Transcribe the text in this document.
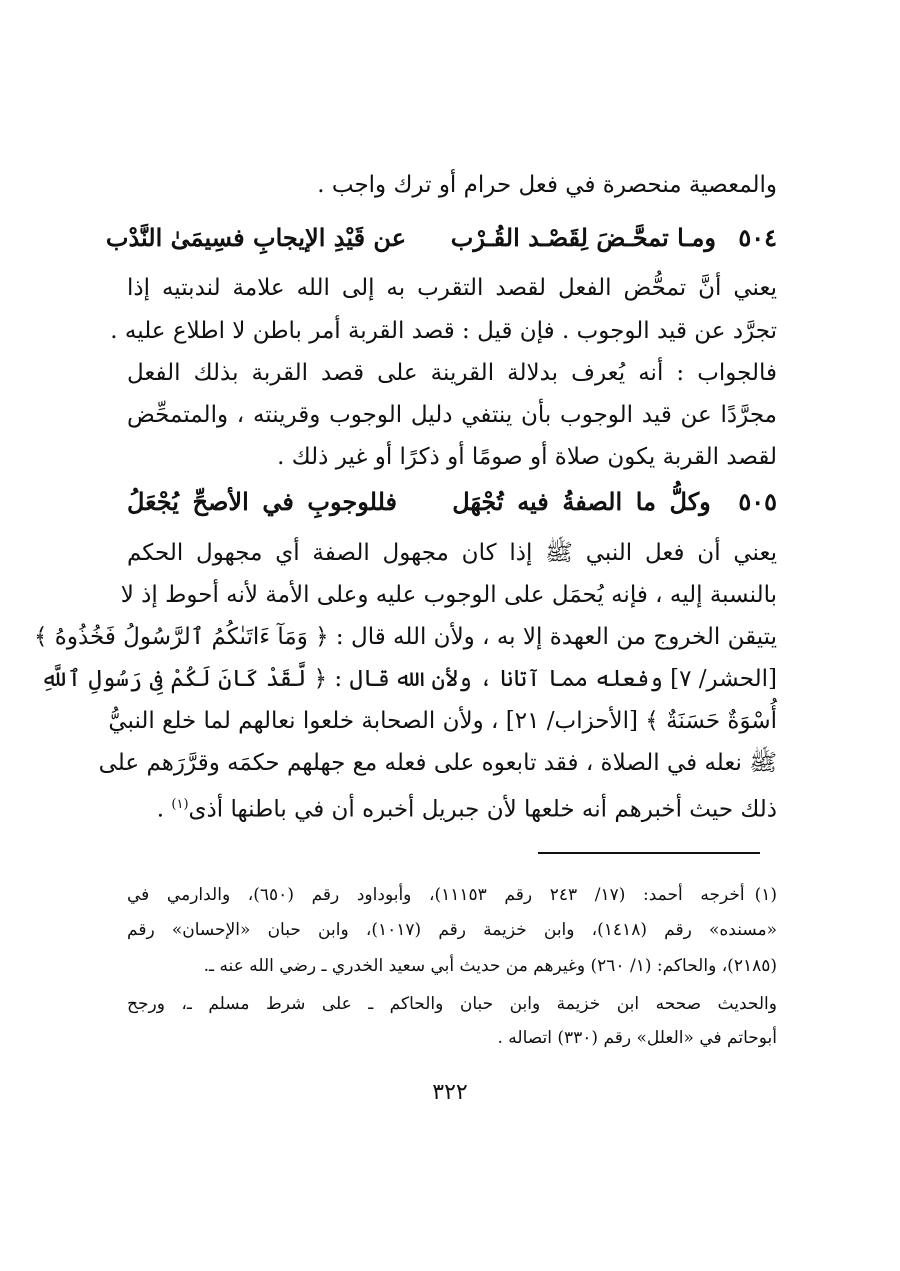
والمعصية منحصرة في فعل حرام أو ترك واجب .
٥٠٤ ومـا تمحَّـضَ لِقَصْـد القُـرْب  عن قَيْدِ الإيجابِ فسِيمَىٰ النَّدْب
يعني أنَّ تمحُّض الفعل لقصد التقرب به إلى الله علامة لندبتيه إذا
تجرَّد عن قيد الوجوب . فإن قيل : قصد القربة أمر باطن لا اطلاع عليه .
فالجواب : أنه يُعرف بدلالة القرينة على قصد القربة بذلك الفعل
مجرَّدًا عن قيد الوجوب بأن ينتفي دليل الوجوب وقرينته ، والمتمحِّض
لقصد القربة يكون صلاة أو صومًا أو ذكرًا أو غير ذلك .
٥٠٥ وكلُّ ما الصفةُ فيه تُجْهَل  فللوجوبِ في الأصحِّ يُجْعَلُ
يعني أن فعل النبي ﷺ إذا كان مجهول الصفة أي مجهول الحكم
بالنسبة إليه ، فإنه يُحمَل على الوجوب عليه وعلى الأمة لأنه أحوط إذ لا
يتيقن الخروج من العهدة إلا به ، ولأن الله قال : ﴿ وَمَآ ءَاتَىٰكُمُ ٱلرَّسُولُ فَخُذُوهُ ﴾
[الحشر/ ٧] وفعله مما آتانا ، ولأن الله قال : ﴿ لَّقَدْ كَانَ لَكُمْ فِى رَسُولِ ٱللَّهِ
أُسْوَةٌ حَسَنَةٌ ﴾ [الأحزاب/ ٢١] ، ولأن الصحابة خلعوا نعالهم لما خلع النبيُّ
ﷺ نعله في الصلاة ، فقد تابعوه على فعله مع جهلهم حكمَه وقرَّرَهم على
ذلك حيث أخبرهم أنه خلعها لأن جبريل أخبره أن في باطنها أذى$^{(١)}$ .
(١)أخرجه أحمد: (١٧/ ٢٤٣ رقم ١١١٥٣)، وأبوداود رقم (٦٥٠)، والدارمي في
«مسنده» رقم (١٤١٨)، وابن خزيمة رقم (١٠١٧)، وابن حبان «الإحسان» رقم
(٢١٨٥)، والحاكم: (١/ ٢٦٠) وغيرهم من حديث أبي سعيد الخدري ـ رضي الله عنه ـ.
والحديث صححه ابن خزيمة وابن حبان والحاكم ـ على شرط مسلم ـ، ورجح
أبوحاتم في «العلل» رقم (٣٣٠) اتصاله .
٣٢٢
